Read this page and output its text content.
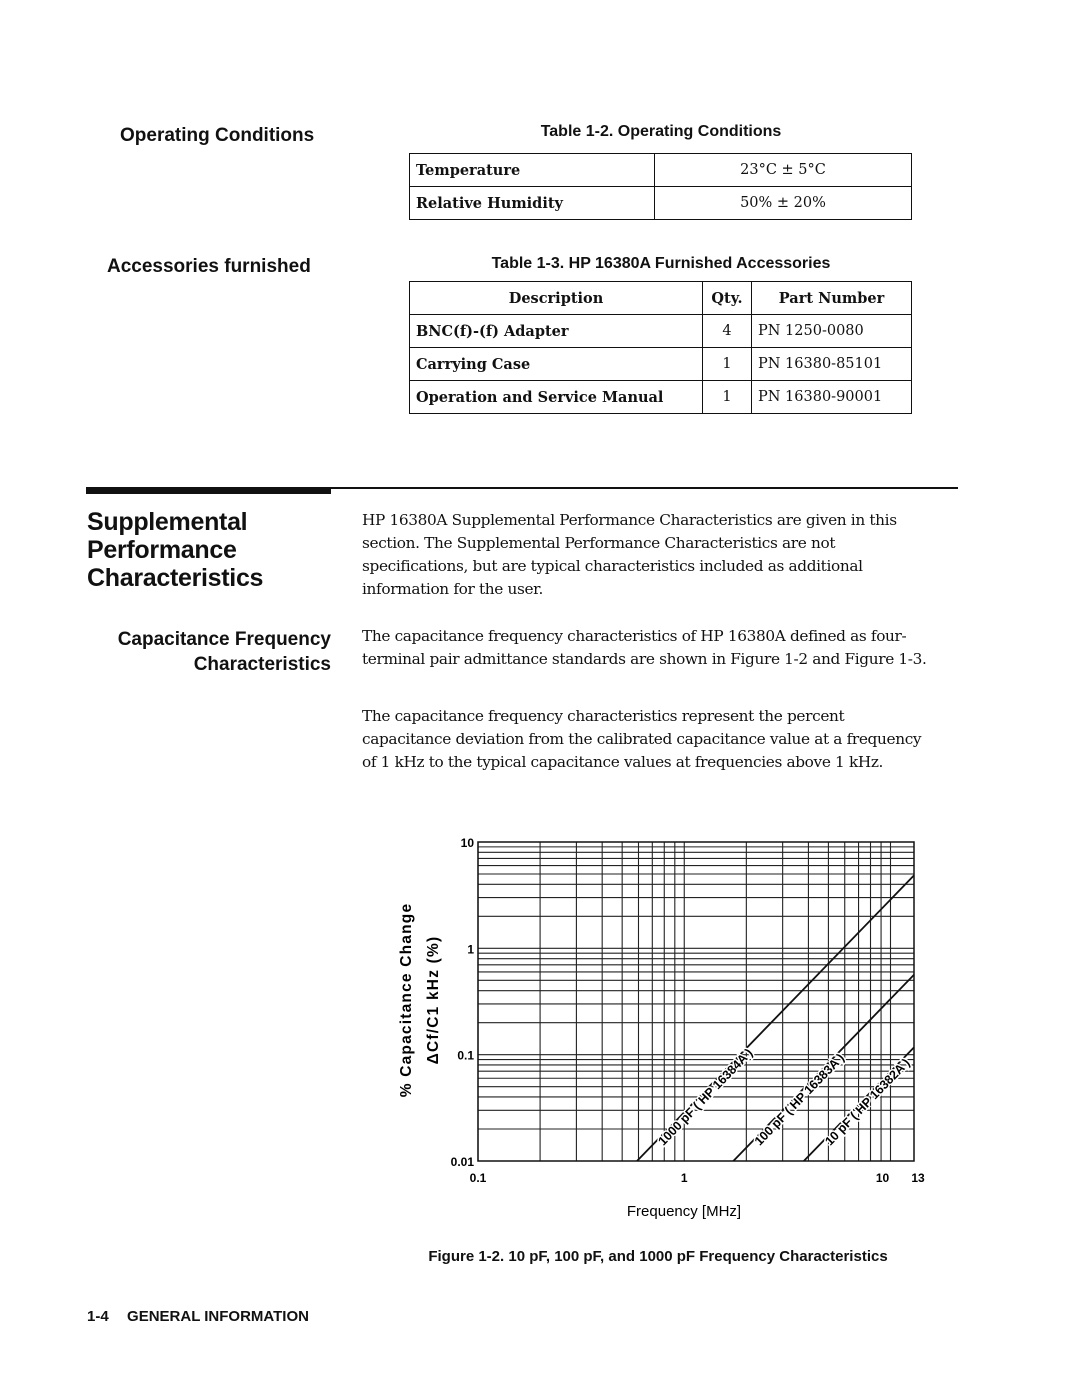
Operating Conditions	Table 1-2. Operating Conditions
Temperature	23°C ± 5°C
Relative Humidity	50% ± 20%
Accessories furnished	Table 1-3. HP 16380A Furnished Accessories
Description	Qty.	Part Number
BNC(f)-(f) Adapter	4	PN 1250-0080
Carrying Case	1	PN 16380-85101
Operation and Service Manual	1	PN 16380-90001
Supplemental
Performance
Characteristics

HP 16380A Supplemental Performance Characteristics are given in this section. The Supplemental Performance Characteristics are not specifications, but are typical characteristics included as additional information for the user.

Capacitance Frequency
Characteristics

The capacitance frequency characteristics of HP 16380A defined as four-terminal pair admittance standards are shown in Figure 1-2 and Figure 1-3.

The capacitance frequency characteristics represent the percent capacitance deviation from the calibrated capacitance value at a frequency of 1 kHz to the typical capacitance values at frequencies above 1 kHz.

1000 pF ( HP 16384A )
100 pF ( HP 16383A )
10 pF ( HP 16382A )
0.1	1	10 13
10
1
0.1
0.01
Frequency [MHz]
% Capacitance Change ΔCf/C1 kHz (%)
Figure 1-2. 10 pF, 100 pF, and 1000 pF Frequency Characteristics
1-4 GENERAL INFORMATION
